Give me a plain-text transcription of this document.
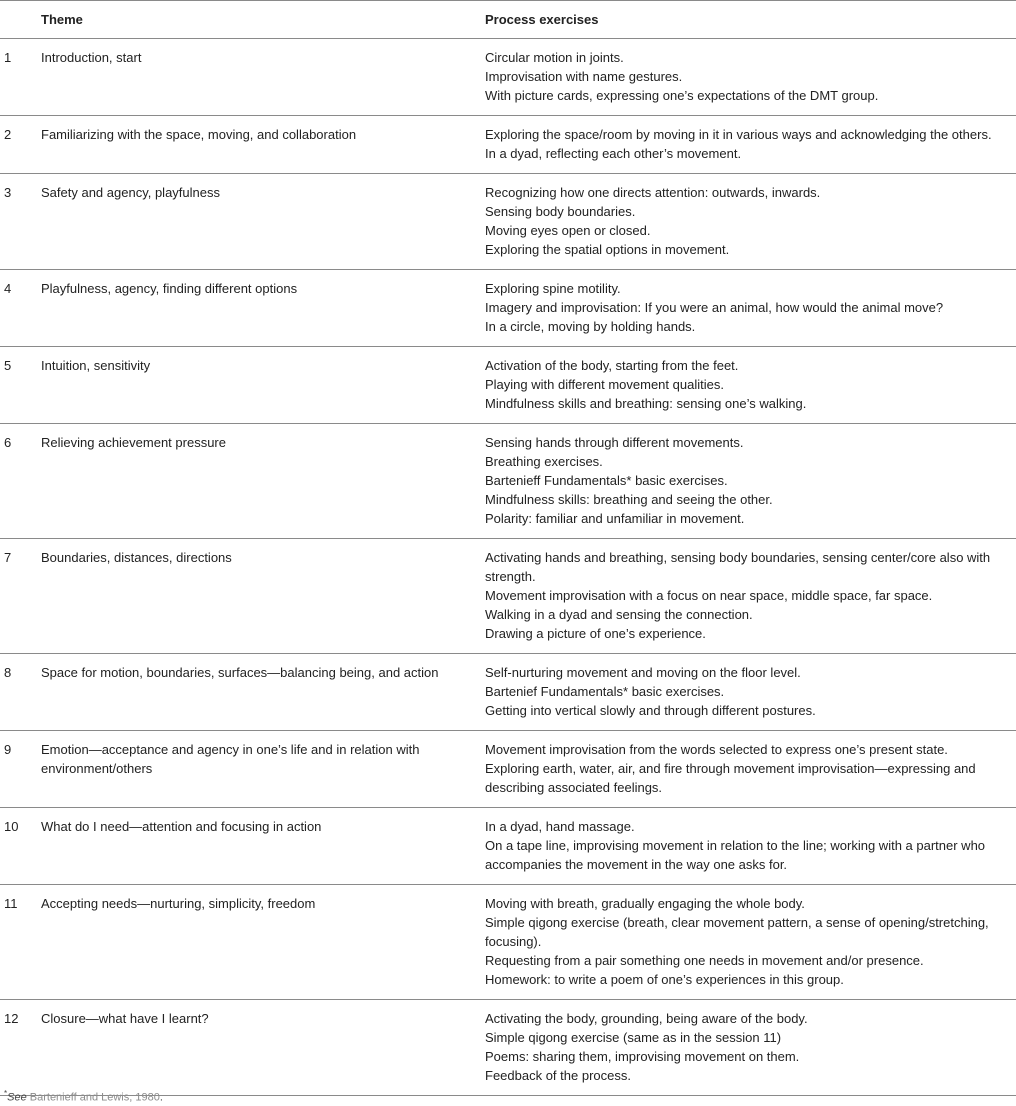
	Theme	Process exercises
1	Introduction, start	Circular motion in joints.
Improvisation with name gestures.
With picture cards, expressing one’s expectations of the DMT group.

2	Familiarizing with the space, moving, and collaboration	Exploring the space/room by moving in it in various ways and acknowledging the others.
In a dyad, reflecting each other’s movement.

3	Safety and agency, playfulness	Recognizing how one directs attention: outwards, inwards.
Sensing body boundaries.
Moving eyes open or closed.
Exploring the spatial options in movement.

4	Playfulness, agency, finding different options	Exploring spine motility.
Imagery and improvisation: If you were an animal, how would the animal move?
In a circle, moving by holding hands.

5	Intuition, sensitivity	Activation of the body, starting from the feet.
Playing with different movement qualities.
Mindfulness skills and breathing: sensing one’s walking.

6	Relieving achievement pressure	Sensing hands through different movements.
Breathing exercises.
Bartenieff Fundamentals* basic exercises.
Mindfulness skills: breathing and seeing the other.
Polarity: familiar and unfamiliar in movement.

7	Boundaries, distances, directions	Activating hands and breathing, sensing body boundaries, sensing center/core also with strength.
Movement improvisation with a focus on near space, middle space, far space.
Walking in a dyad and sensing the connection.
Drawing a picture of one’s experience.

8	Space for motion, boundaries, surfaces—balancing being, and action	Self-nurturing movement and moving on the floor level.
Bartenief Fundamentals* basic exercises.
Getting into vertical slowly and through different postures.

9	Emotion—acceptance and agency in one’s life and in relation with environment/others	Movement improvisation from the words selected to express one’s present state.
Exploring earth, water, air, and fire through movement improvisation—expressing and describing associated feelings.

10	What do I need—attention and focusing in action	In a dyad, hand massage.
On a tape line, improvising movement in relation to the line; working with a partner who accompanies the movement in the way one asks for.

11	Accepting needs—nurturing, simplicity, freedom	Moving with breath, gradually engaging the whole body.
Simple qigong exercise (breath, clear movement pattern, a sense of opening/stretching, focusing).
Requesting from a pair something one needs in movement and/or presence.
Homework: to write a poem of one’s experiences in this group.

12	Closure—what have I learnt?	Activating the body, grounding, being aware of the body.
Simple qigong exercise (same as in the session 11)
Poems: sharing them, improvising movement on them.
Feedback of the process.
*See Bartenieff and Lewis, 1980.
